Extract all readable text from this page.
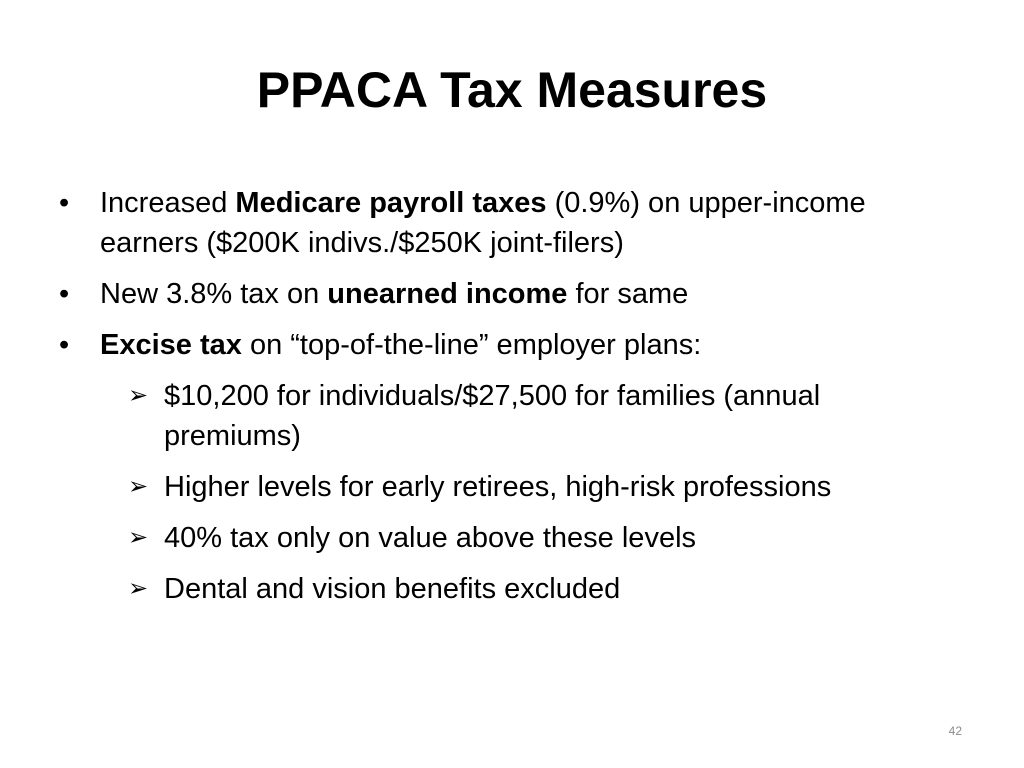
PPACA Tax Measures
• Increased Medicare payroll taxes (0.9%) on upper-income earners ($200K indivs./$250K joint-filers)
• New 3.8% tax on unearned income for same
• Excise tax on “top-of-the-line” employer plans:
➢ $10,200 for individuals/$27,500 for families (annual premiums)
➢ Higher levels for early retirees, high-risk professions
➢ 40% tax only on value above these levels
➢ Dental and vision benefits excluded
42
